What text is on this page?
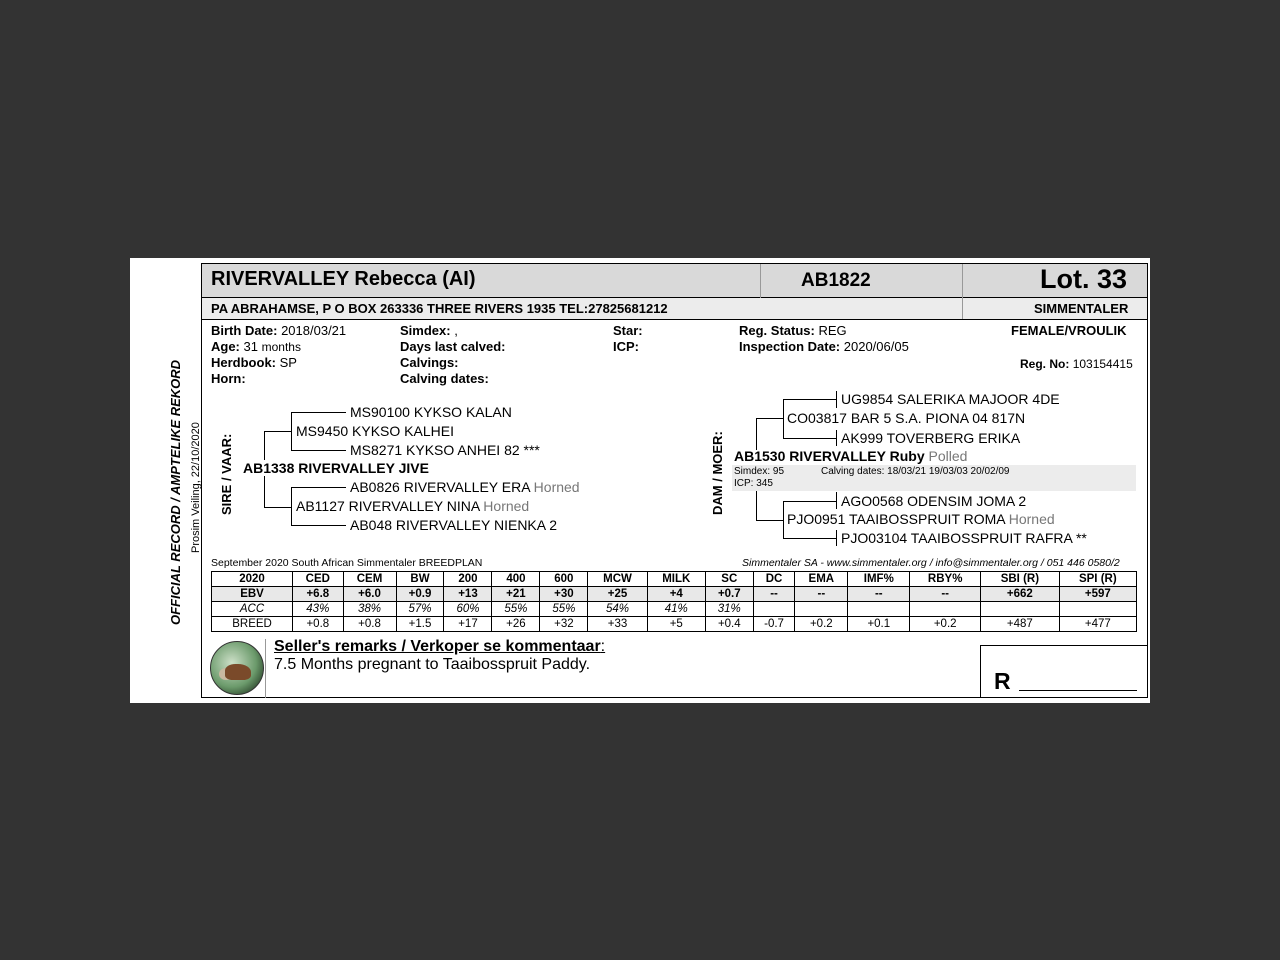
OFFICIAL RECORD / AMPTELIKE REKORD Prosim Veiling, 22/10/2020
RIVERVALLEY Rebecca (AI)	AB1822	Lot. 33
PA ABRAHAMSE, P O BOX 263336 THREE RIVERS 1935 TEL:27825681212	SIMMENTALER
Birth Date: 2018/03/21
Age: 31 months
Herdbook: SP
Horn:
Simdex: ,
Days last calved:
Calvings:
Calving dates:
Star:
ICP:
Reg. Status: REG
Inspection Date: 2020/06/05
FEMALE/VROULIK
Reg. No: 103154415
SIRE / VAAR:
MS90100 KYKSO KALAN
MS9450 KYKSO KALHEI
MS8271 KYKSO ANHEI 82 ***
AB1338 RIVERVALLEY JIVE
AB0826 RIVERVALLEY ERA Horned
AB1127 RIVERVALLEY NINA Horned
AB048 RIVERVALLEY NIENKA 2
DAM / MOER:
UG9854 SALERIKA MAJOOR 4DE
CO03817 BAR 5 S.A. PIONA 04 817N
AK999 TOVERBERG ERIKA
AB1530 RIVERVALLEY Ruby Polled
Simdex: 95	Calving dates: 18/03/21 19/03/03 20/02/09
ICP: 345
AGO0568 ODENSIM JOMA 2
PJO0951 TAAIBOSSPRUIT ROMA Horned
PJO03104 TAAIBOSSPRUIT RAFRA **
September 2020 South African Simmentaler BREEDPLAN	Simmentaler SA - www.simmentaler.org / info@simmentaler.org / 051 446 0580/2
2020	CED	CEM	BW	200	400	600	MCW	MILK	SC	DC	EMA	IMF%	RBY%	SBI (R)	SPI (R)
EBV	+6.8	+6.0	+0.9	+13	+21	+30	+25	+4	+0.7	--	--	--	--	+662	+597
ACC	43%	38%	57%	60%	55%	55%	54%	41%	31%						
BREED	+0.8	+0.8	+1.5	+17	+26	+32	+33	+5	+0.4	-0.7	+0.2	+0.1	+0.2	+487	+477
Seller's remarks / Verkoper se kommentaar:
7.5 Months pregnant to Taaibosspruit Paddy.
R
